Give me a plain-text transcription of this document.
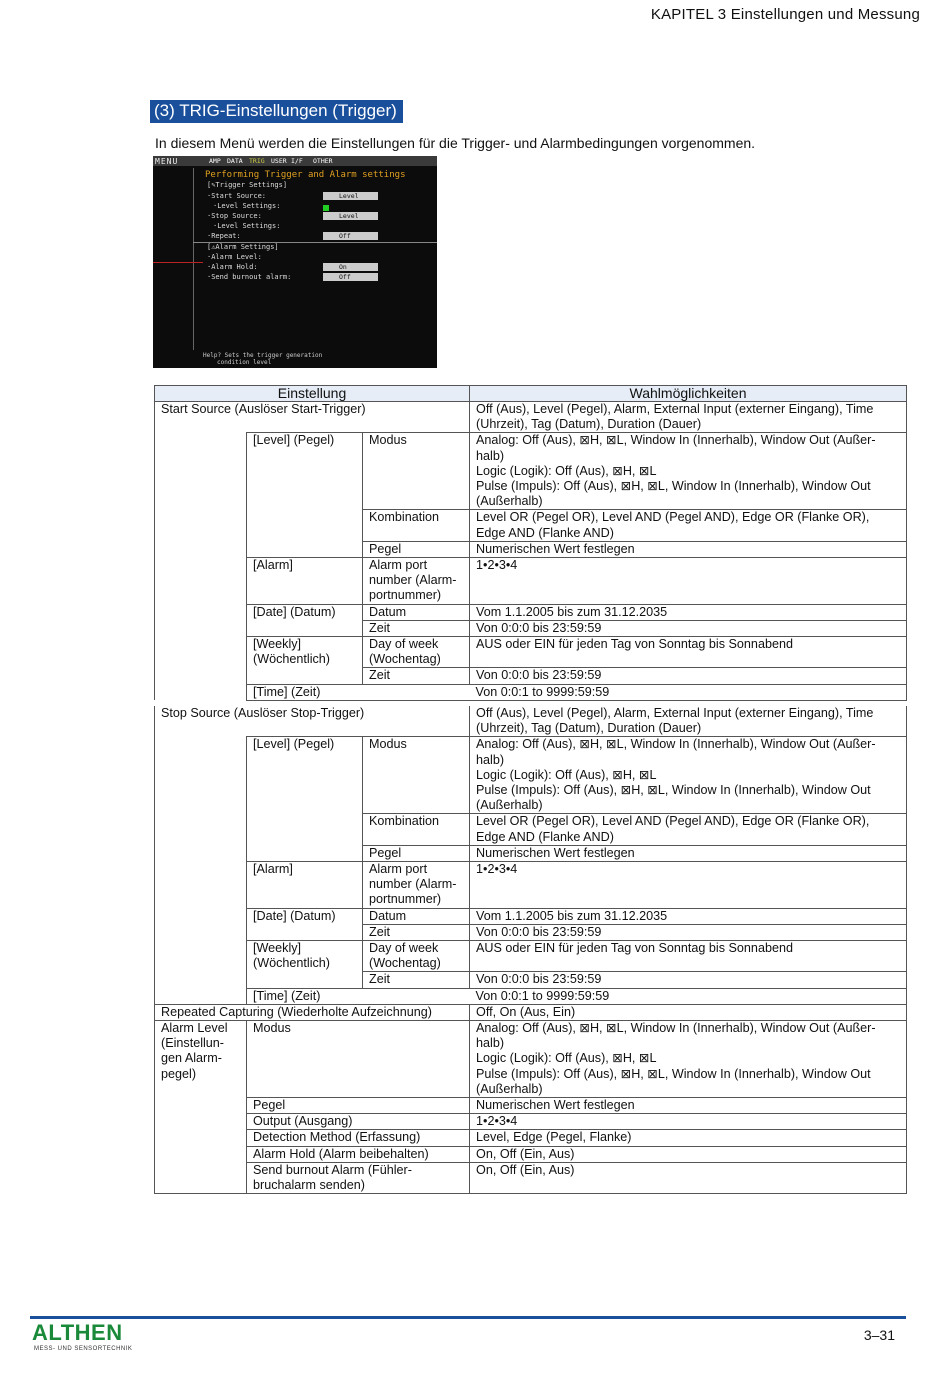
KAPITEL 3 Einstellungen und Messung
(3) TRIG-Einstellungen (Trigger)
In diesem Menü werden die Einstellungen für die Trigger- und Alarmbedingungen vorgenommen.
MENU	AMP DATA TRIG USER I/F OTHER
Performing Trigger and Alarm settings
[✎Trigger Settings]
·Start Source:
·Level Settings:
·Stop Source:
·Level Settings:
·Repeat:
[⚠Alarm Settings]
·Alarm Level:
·Alarm Hold:
·Send burnout alarm:
Level
Level
Off
On
Off
Help? Sets the trigger generation
condition level
Einstellung			Wahlmöglichkeiten
Start Source (Auslöser Start-Trigger)			Off (Aus), Level (Pegel), Alarm, External Input (externer Eingang), Time (Uhrzeit), Tag (Datum), Duration (Dauer)
	[Level] (Pegel)	Modus	Analog: Off (Aus), ⊠H, ⊠L, Window In (Innerhalb), Window Out (Außer-halb)
Logic (Logik): Off (Aus), ⊠H, ⊠L
Pulse (Impuls): Off (Aus), ⊠H, ⊠L, Window In (Innerhalb), Window Out (Außerhalb)

		Kombination	Level OR (Pegel OR), Level AND (Pegel AND), Edge OR (Flanke OR), Edge AND (Flanke AND)
		Pegel	Numerischen Wert festlegen
	[Alarm]	Alarm port number (Alarm-portnummer)	1•2•3•4
	[Date] (Datum)	Datum	Vom 1.1.2005 bis zum 31.12.2035
		Zeit	Von 0:0:0 bis 23:59:59
	[Weekly] (Wöchentlich)	Day of week (Wochentag)	AUS oder EIN für jeden Tag von Sonntag bis Sonnabend
		Zeit	Von 0:0:0 bis 23:59:59
	[Time] (Zeit)		Von 0:0:1 to 9999:59:59
Stop Source (Auslöser Stop-Trigger)			Off (Aus), Level (Pegel), Alarm, External Input (externer Eingang), Time (Uhrzeit), Tag (Datum), Duration (Dauer)
	[Level] (Pegel)	Modus	Analog: Off (Aus), ⊠H, ⊠L, Window In (Innerhalb), Window Out (Außer-halb)
Logic (Logik): Off (Aus), ⊠H, ⊠L
Pulse (Impuls): Off (Aus), ⊠H, ⊠L, Window In (Innerhalb), Window Out (Außerhalb)

		Kombination	Level OR (Pegel OR), Level AND (Pegel AND), Edge OR (Flanke OR), Edge AND (Flanke AND)
		Pegel	Numerischen Wert festlegen
	[Alarm]	Alarm port number (Alarm-portnummer)	1•2•3•4
	[Date] (Datum)	Datum	Vom 1.1.2005 bis zum 31.12.2035
		Zeit	Von 0:0:0 bis 23:59:59
	[Weekly] (Wöchentlich)	Day of week (Wochentag)	AUS oder EIN für jeden Tag von Sonntag bis Sonnabend
		Zeit	Von 0:0:0 bis 23:59:59
	[Time] (Zeit)		Von 0:0:1 to 9999:59:59
Repeated Capturing (Wiederholte Aufzeichnung)			Off, On (Aus, Ein)
Alarm Level (Einstellun-gen Alarm-pegel)	Modus		Analog: Off (Aus), ⊠H, ⊠L, Window In (Innerhalb), Window Out (Außer-halb)
Logic (Logik): Off (Aus), ⊠H, ⊠L
Pulse (Impuls): Off (Aus), ⊠H, ⊠L, Window In (Innerhalb), Window Out (Außerhalb)

	Pegel		Numerischen Wert festlegen
	Output (Ausgang)		1•2•3•4
	Detection Method (Erfassung)		Level, Edge (Pegel, Flanke)
	Alarm Hold (Alarm beibehalten)		On, Off (Ein, Aus)
	Send burnout Alarm (Fühler-bruchalarm senden)		On, Off (Ein, Aus)
ALTHEN
MESS- UND SENSORTECHNIK
3–31
